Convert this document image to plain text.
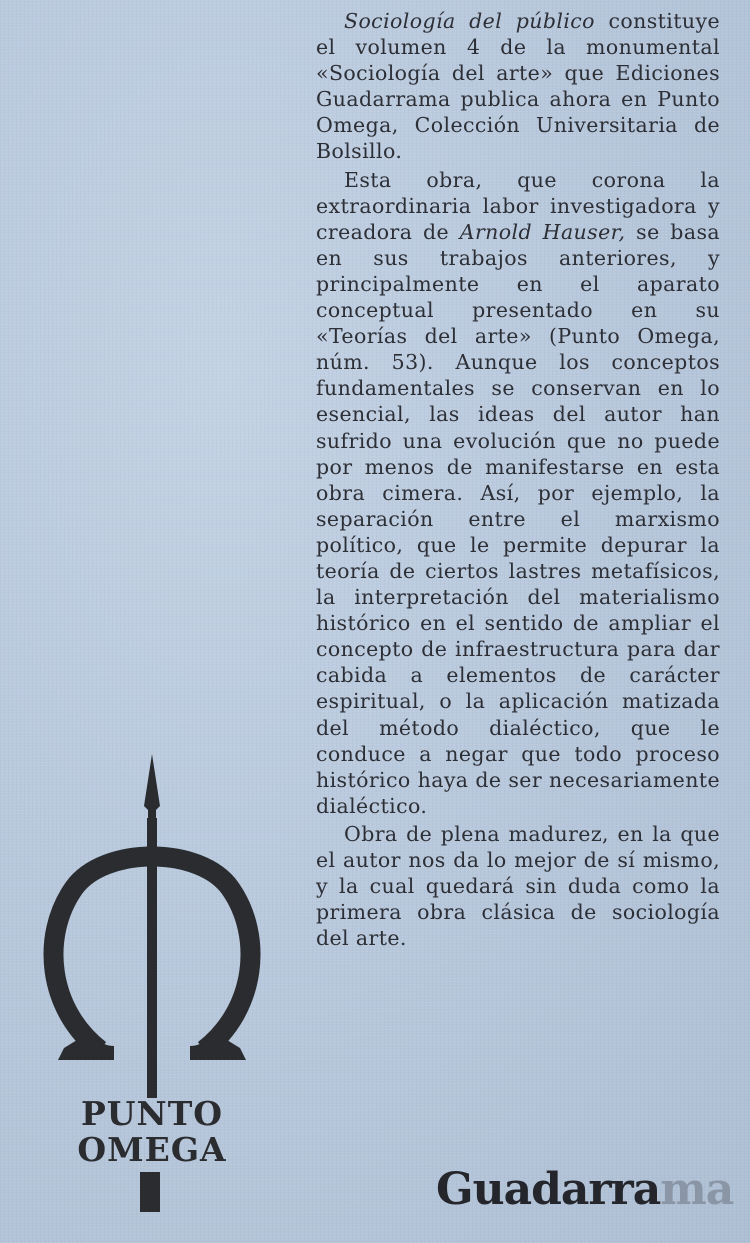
Sociología del público constituye el volumen 4 de la monumental «Sociología del arte» que Ediciones Guadarrama publica ahora en Punto Omega, Colección Universitaria de Bolsillo.

Esta obra, que corona la extraordinaria labor investigadora y creadora de Arnold Hauser, se basa en sus trabajos anteriores, y principalmente en el aparato conceptual presentado en su «Teorías del arte» (Punto Omega, núm. 53). Aunque los conceptos fundamentales se conservan en lo esencial, las ideas del autor han sufrido una evolución que no puede por menos de manifestarse en esta obra cimera. Así, por ejemplo, la separación entre el marxismo político, que le permite depurar la teoría de ciertos lastres metafísicos, la interpretación del materialismo histórico en el sentido de ampliar el concepto de infraestructura para dar cabida a elementos de carácter espiritual, o la aplicación matizada del método dialéctico, que le conduce a negar que todo proceso histórico haya de ser necesariamente dialéctico.

Obra de plena madurez, en la que el autor nos da lo mejor de sí mismo, y la cual quedará sin duda como la primera obra clásica de sociología del arte.

PUNTO
OMEGA
Guadarrama
